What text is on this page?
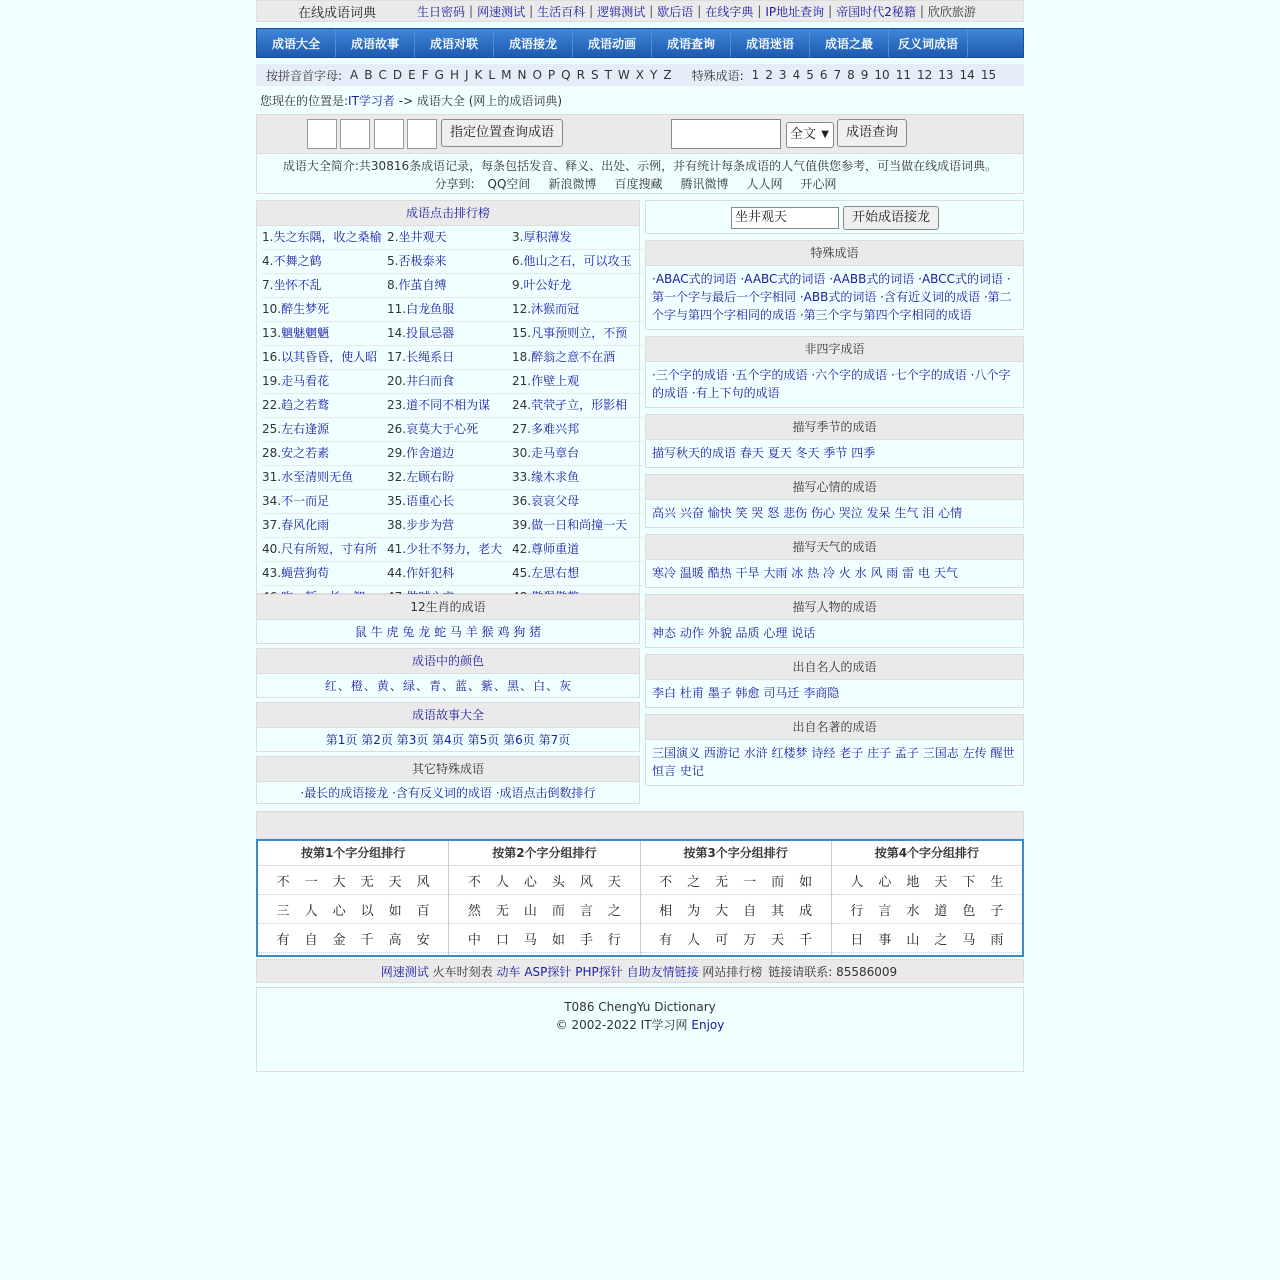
在线成语词典	生日密码 | 网速测试 | 生活百科 | 逻辑测试 | 歇后语 | 在线字典 | IP地址查询 | 帝国时代2秘籍 | 欣欣旅游
成语大全	成语故事	成语对联	成语接龙	成语动画	成语查询	成语迷语	成语之最	反义词成语
按拼音首字母: A B C D E F G H J K L M N O P Q R S T W X Y Z	特殊成语: 1 2 3 4 5 6 7 8 9 10 11 12 13 14 15
您现在的位置是:IT学习者 -> 成语大全 (网上的成语词典)
指定位置查询成语	全文 ▼	成语查询
成语大全简介:共30816条成语记录，每条包括发音、释义、出处、示例，并有统计每条成语的人气值供您参考，可当做在线成语词典。
分享到: QQ空间 新浪微博 百度搜藏 腾讯微博 人人网 开心网
成语点击排行榜
1.失之东隅，收之桑榆 2.坐井观天	3.厚积薄发
4.不舞之鹤	5.否极泰来	6.他山之石，可以攻玉
7.坐怀不乱	8.作茧自缚	9.叶公好龙
10.醉生梦死	11.白龙鱼服	12.沐猴而冠
13.魑魅魍魉	14.投鼠忌器	15.凡事预则立，不预
16.以其昏昏，使人昭 17.长绳系日	18.醉翁之意不在酒
19.走马看花	20.井臼而食	21.作壁上观
22.趋之若鹜	23.道不同不相为谋	24.茕茕孑立，形影相
25.左右逢源	26.哀莫大于心死	27.多难兴邦
28.安之若素	29.作舍道边	30.走马章台
31.水至清则无鱼	32.左顾右盼	33.缘木求鱼
34.不一而足	35.语重心长	36.哀哀父母
37.春风化雨	38.步步为营	39.做一日和尚撞一天
40.尺有所短，寸有所 41.少壮不努力，老大 42.尊师重道
43.蝇营狗苟	44.作奸犯科	45.左思右想
12生肖的成语
鼠 牛 虎 兔 龙 蛇 马 羊 猴 鸡 狗 猪
成语中的颜色
红、橙、黄、绿、青、蓝、紫、黑、白、灰
成语故事大全
第1页 第2页 第3页 第4页 第5页 第6页 第7页
其它特殊成语
·最长的成语接龙 ·含有反义词的成语 ·成语点击倒数排行
坐井观天	开始成语接龙
特殊成语
·ABAC式的词语 ·AABC式的词语 ·AABB式的词语 ·ABCC式的词语 ·第一个字与最后一个字相同 ·ABB式的词语 ·含有近义词的成语 ·第二个字与第四个字相同的成语 ·第三个字与第四个字相同的成语
非四字成语
·三个字的成语 ·五个字的成语 ·六个字的成语 ·七个字的成语 ·八个字的成语 ·有上下句的成语
描写季节的成语
描写秋天的成语 春天 夏天 冬天 季节 四季
描写心情的成语
高兴 兴奋 愉快 笑 哭 怒 悲伤 伤心 哭泣 发呆 生气 泪 心情
描写天气的成语
寒冷 温暖 酷热 干旱 大雨 冰 热 冷 火 水 风 雨 雷 电 天气
描写人物的成语
神态 动作 外貌 品质 心理 说话
出自名人的成语
李白 杜甫 墨子 韩愈 司马迁 李商隐
出自名著的成语
三国演义 西游记 水浒 红楼梦 诗经 老子 庄子 孟子 三国志 左传 醒世恒言 史记
按第1个字分组排行
不	一	大	无	天	风
三	人	心	以	如	百
有	自	金	千	高	安
按第2个字分组排行
不	人	心	头	风	天
然	无	山	而	言	之
中	口	马	如	手	行
按第3个字分组排行
不	之	无	一	而	如
相	为	大	自	其	成
有	人	可	万	天	千
按第4个字分组排行
人	心	地	天	下	生
行	言	水	道	色	子
日	事	山	之	马	雨
网速测试 火车时刻表 动车 ASP探针 PHP探针 自助友情链接 网站排行榜 链接请联系: 85586009
T086 ChengYu Dictionary
© 2002-2022 IT学习网 Enjoy
